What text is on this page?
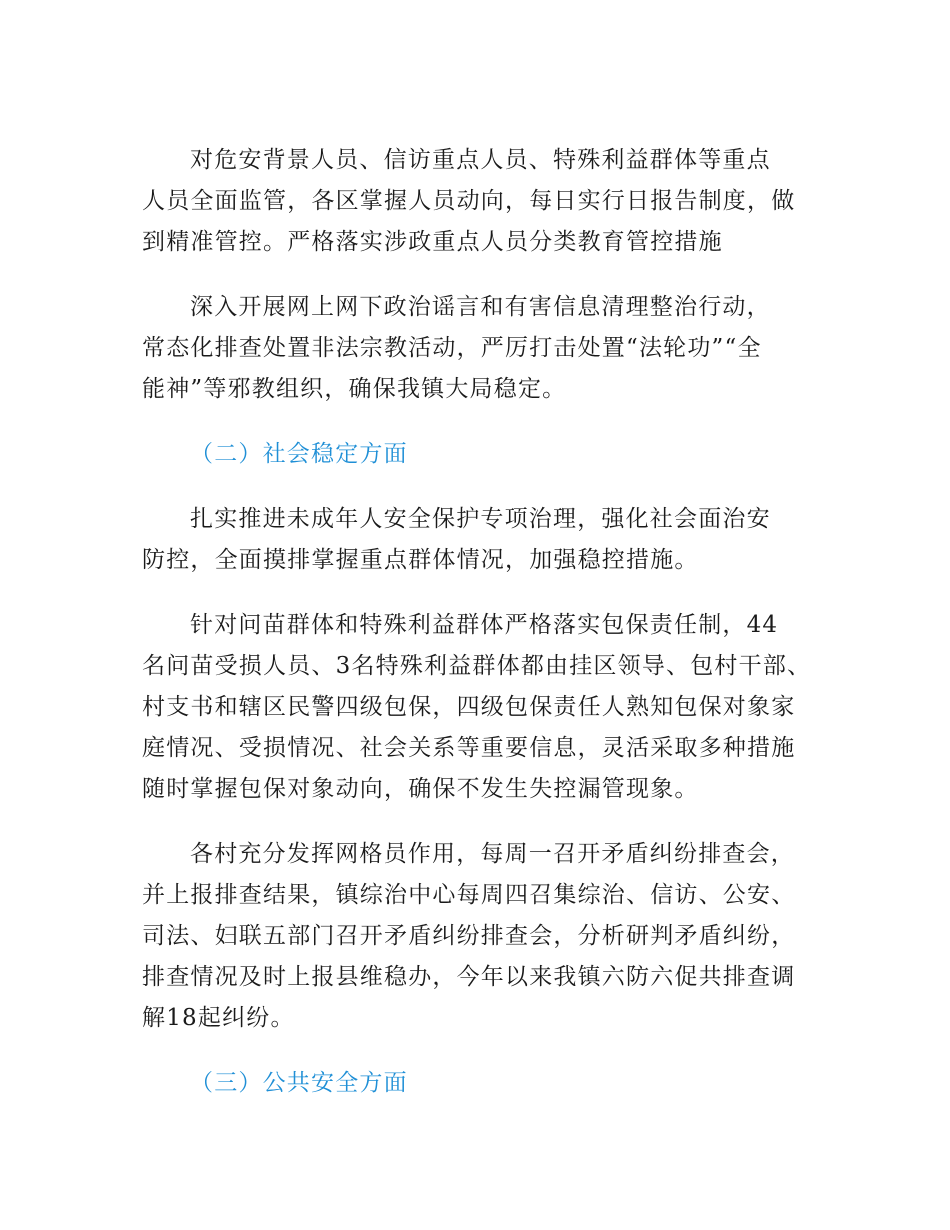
对危安背景人员、信访重点人员、特殊利益群体等重点
人员全面监管，各区掌握人员动向，每日实行日报告制度，做
到精准管控。严格落实涉政重点人员分类教育管控措施

深入开展网上网下政治谣言和有害信息清理整治行动，
常态化排查处置非法宗教活动，严厉打击处置“法轮功”“全
能神”等邪教组织，确保我镇大局稳定。

（二）社会稳定方面

扎实推进未成年人安全保护专项治理，强化社会面治安
防控，全面摸排掌握重点群体情况，加强稳控措施。

针对问苗群体和特殊利益群体严格落实包保责任制，44
名问苗受损人员、3名特殊利益群体都由挂区领导、包村干部、
村支书和辖区民警四级包保，四级包保责任人熟知包保对象家
庭情况、受损情况、社会关系等重要信息，灵活采取多种措施
随时掌握包保对象动向，确保不发生失控漏管现象。

各村充分发挥网格员作用，每周一召开矛盾纠纷排查会，
并上报排查结果，镇综治中心每周四召集综治、信访、公安、
司法、妇联五部门召开矛盾纠纷排查会，分析研判矛盾纠纷，
排查情况及时上报县维稳办，今年以来我镇六防六促共排查调
解18起纠纷。

（三）公共安全方面
